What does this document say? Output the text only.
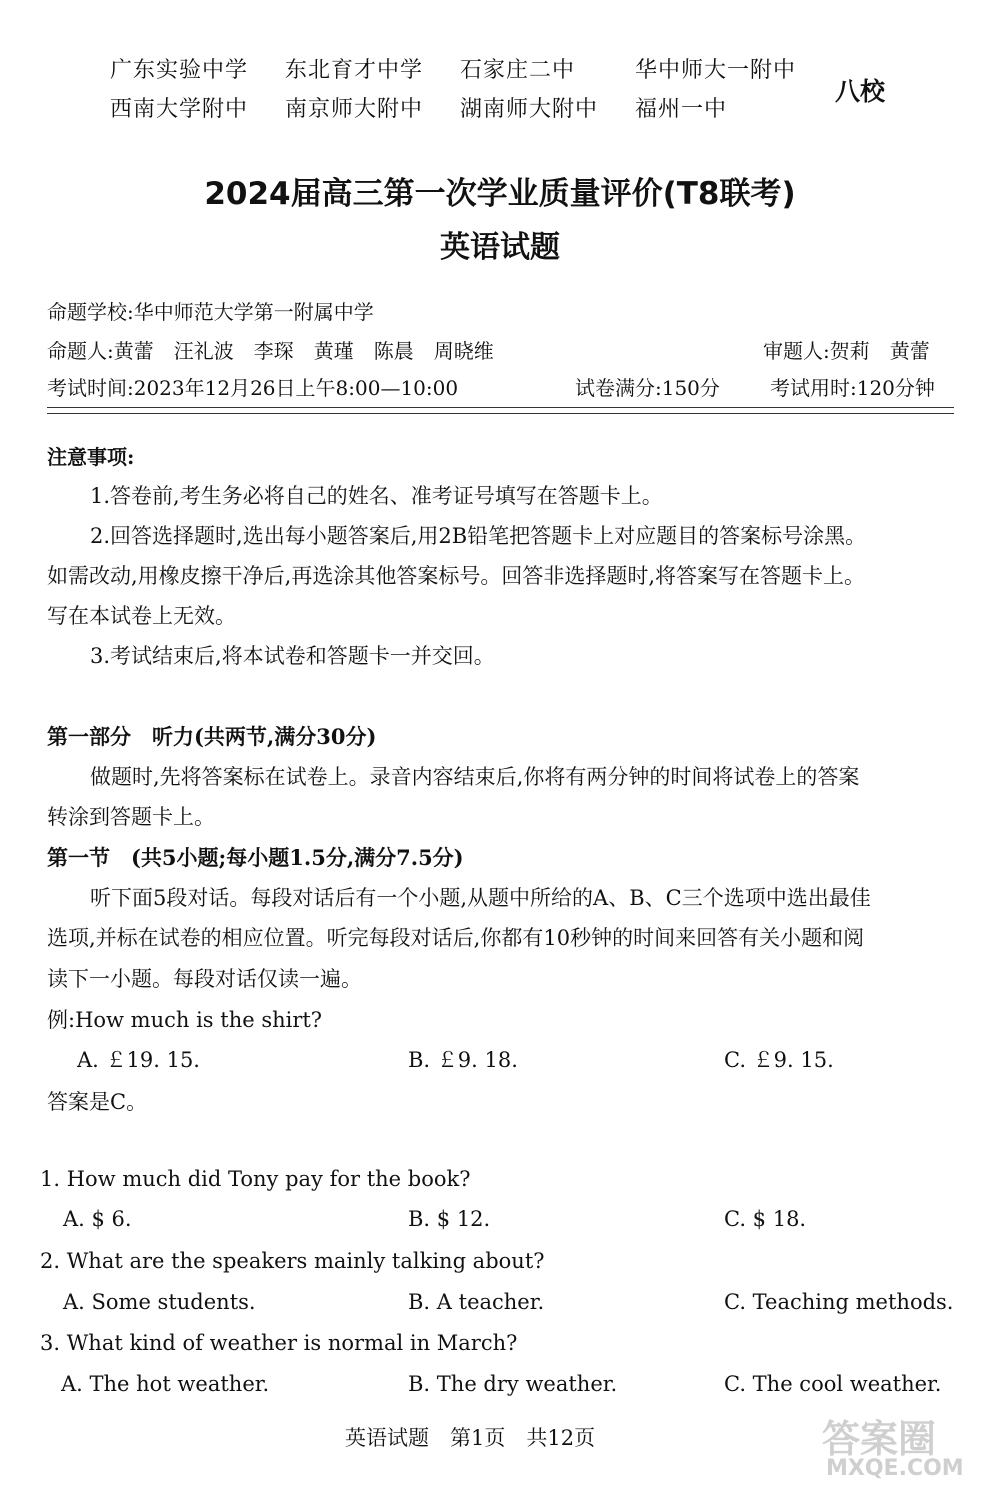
广东实验中学 东北育才中学 石家庄二中	华中师大一附中
西南大学附中 南京师大附中 湖南师大附中 福州一中
八校
2024届高三第一次学业质量评价(T8联考)
英语试题
命题学校:华中师范大学第一附属中学
命题人:黄蕾　汪礼波　李琛　黄瑾　陈晨　周晓维	审题人:贺莉　黄蕾
考试时间:2023年12月26日上午8:00—10:00	试卷满分:150分	考试用时:120分钟
注意事项:
1.答卷前,考生务必将自己的姓名、准考证号填写在答题卡上。
2.回答选择题时,选出每小题答案后,用2B铅笔把答题卡上对应题目的答案标号涂黑。
如需改动,用橡皮擦干净后,再选涂其他答案标号。回答非选择题时,将答案写在答题卡上。
写在本试卷上无效。
3.考试结束后,将本试卷和答题卡一并交回。
第一部分　听力(共两节,满分30分)
做题时,先将答案标在试卷上。录音内容结束后,你将有两分钟的时间将试卷上的答案
转涂到答题卡上。
第一节　(共5小题;每小题1.5分,满分7.5分)
听下面5段对话。每段对话后有一个小题,从题中所给的A、B、C三个选项中选出最佳
选项,并标在试卷的相应位置。听完每段对话后,你都有10秒钟的时间来回答有关小题和阅
读下一小题。每段对话仅读一遍。
例:How much is the shirt?
A. ￡19. 15.	B. ￡9. 18.	C. ￡9. 15.
答案是C。
1. How much did Tony pay for the book?
A. $ 6.	B. $ 12.	C. $ 18.
2. What are the speakers mainly talking about?
A. Some students.	B. A teacher.	C. Teaching methods.
3. What kind of weather is normal in March?
A. The hot weather.	B. The dry weather.	C. The cool weather.
英语试题　第1页　共12页	答案圈
MXQE.COM
